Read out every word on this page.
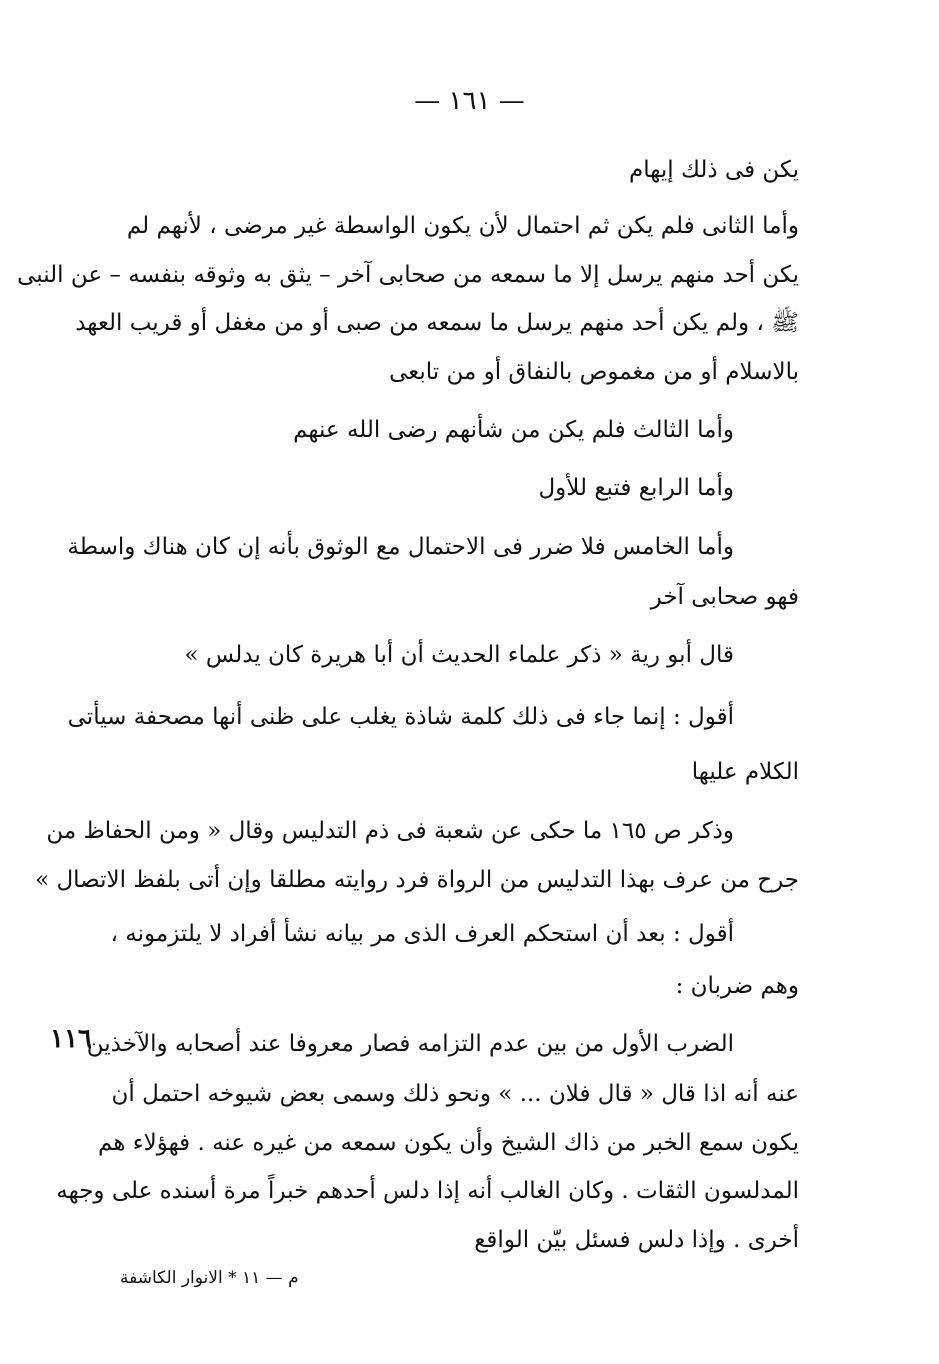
— ١٦١ —
يكن فى ذلك إيهام
وأما الثانى فلم يكن ثم احتمال لأن يكون الواسطة غير مرضى ، لأنهم لم
يكن أحد منهم يرسل إلا ما سمعه من صحابى آخر – يثق به وثوقه بنفسه – عن النبى
ﷺ ، ولم يكن أحد منهم يرسل ما سمعه من صبى أو من مغفل أو قريب العهد
بالاسلام أو من مغموص بالنفاق أو من تابعى
وأما الثالث فلم يكن من شأنهم رضى الله عنهم
وأما الرابع فتبع للأول
وأما الخامس فلا ضرر فى الاحتمال مع الوثوق بأنه إن كان هناك واسطة
فهو صحابى آخر
قال أبو رية « ذكر علماء الحديث أن أبا هريرة كان يدلس »
أقول : إنما جاء فى ذلك كلمة شاذة يغلب على ظنى أنها مصحفة سيأتى
الكلام عليها
وذكر ص ١٦٥ ما حكى عن شعبة فى ذم التدليس وقال « ومن الحفاظ من
جرح من عرف بهذا التدليس من الرواة فرد روايته مطلقا وإن أتى بلفظ الاتصال »
أقول : بعد أن استحكم العرف الذى مر بيانه نشأ أفراد لا يلتزمونه ،
وهم ضربان :
الضرب الأول من بين عدم التزامه فصار معروفا عند أصحابه والآخذين
عنه أنه اذا قال « قال فلان ... » ونحو ذلك وسمى بعض شيوخه احتمل أن
يكون سمع الخبر من ذاك الشيخ وأن يكون سمعه من غيره عنه . فهؤلاء هم
المدلسون الثقات . وكان الغالب أنه إذا دلس أحدهم خبراً مرة أسنده على وجهه
أخرى . وإذا دلس فسئل بيّن الواقع
١١٦
م — ١١ * الانوار الكاشفة
